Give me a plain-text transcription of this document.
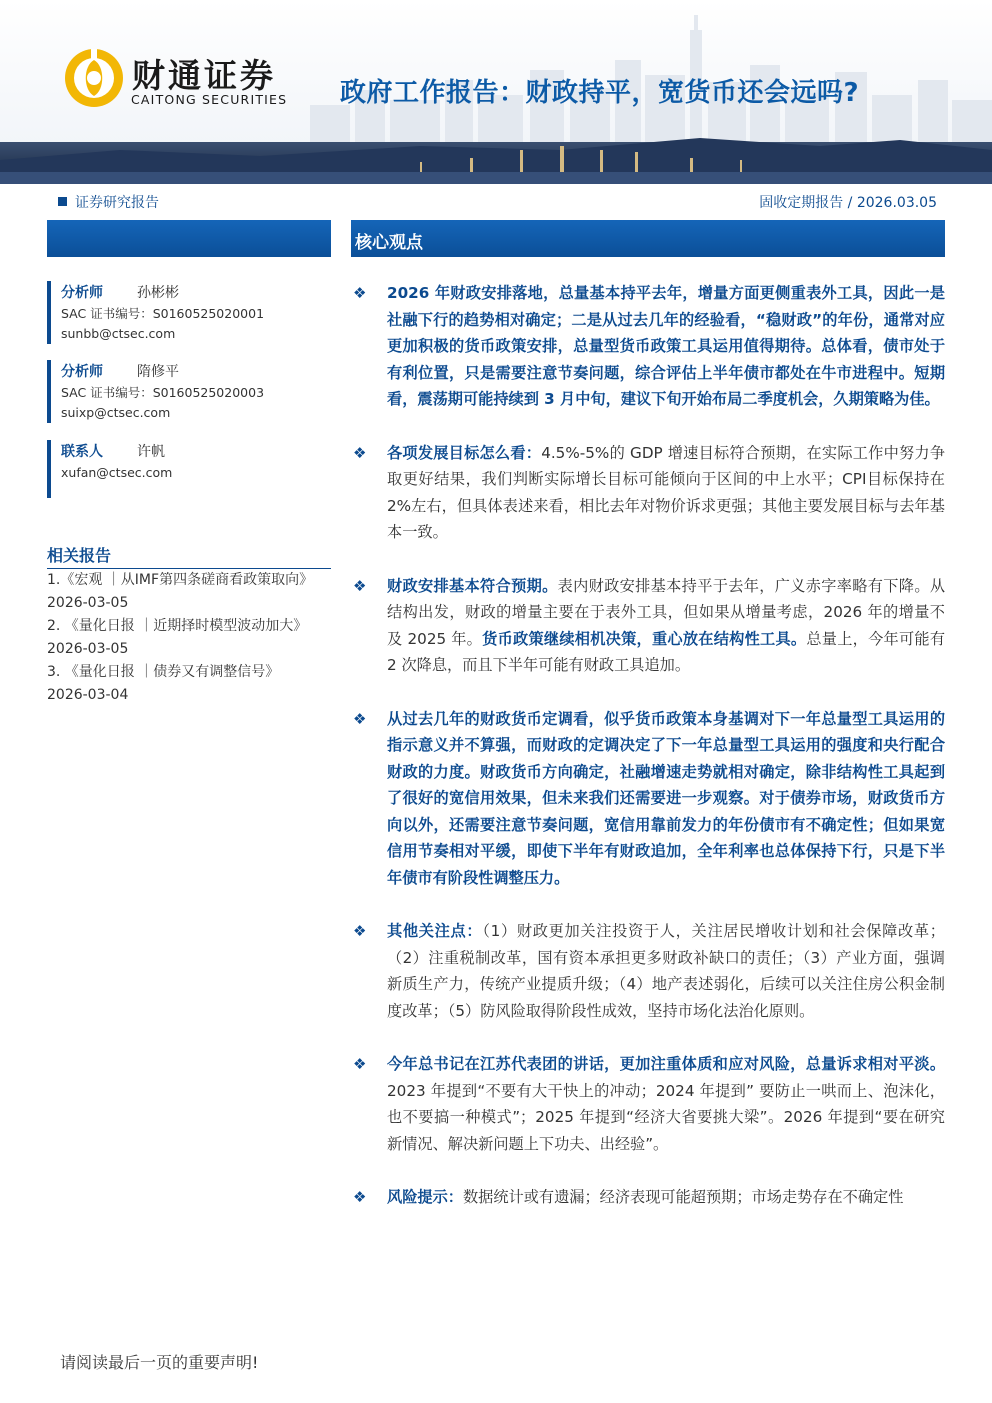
财通证券
CAITONG SECURITIES 政府工作报告：财政持平，宽货币还会远吗?
证券研究报告	固收定期报告 / 2026.03.05
核心观点
分析师 孙彬彬
SAC 证书编号：S0160525020001
sunbb@ctsec.com
分析师 隋修平
SAC 证书编号：S0160525020003
suixp@ctsec.com
联系人 许帆
xufan@ctsec.com
相关报告
1.《宏观 ｜从IMF第四条磋商看政策取向》
2026-03-05
2. 《量化日报 ｜近期择时模型波动加大》
2026-03-05
3. 《量化日报 ｜债券又有调整信号》
2026-03-04
❖ 2026 年财政安排落地，总量基本持平去年，增量方面更侧重表外工具，因此一是社融下行的趋势相对确定；二是从过去几年的经验看，“稳财政”的年份，通常对应更加积极的货币政策安排，总量型货币政策工具运用值得期待。总体看，债市处于有利位置，只是需要注意节奏问题，综合评估上半年债市都处在牛市进程中。短期看，震荡期可能持续到 3 月中旬，建议下旬开始布局二季度机会，久期策略为佳。
❖ 各项发展目标怎么看：4.5%-5%的 GDP 增速目标符合预期，在实际工作中努力争取更好结果，我们判断实际增长目标可能倾向于区间的中上水平；CPI目标保持在 2%左右，但具体表述来看，相比去年对物价诉求更强；其他主要发展目标与去年基本一致。
❖ 财政安排基本符合预期。表内财政安排基本持平于去年，广义赤字率略有下降。从结构出发，财政的增量主要在于表外工具，但如果从增量考虑，2026 年的增量不及 2025 年。货币政策继续相机决策，重心放在结构性工具。总量上，今年可能有 2 次降息，而且下半年可能有财政工具追加。
❖ 从过去几年的财政货币定调看，似乎货币政策本身基调对下一年总量型工具运用的指示意义并不算强，而财政的定调决定了下一年总量型工具运用的强度和央行配合财政的力度。财政货币方向确定，社融增速走势就相对确定，除非结构性工具起到了很好的宽信用效果，但未来我们还需要进一步观察。对于债券市场，财政货币方向以外，还需要注意节奏问题，宽信用靠前发力的年份债市有不确定性；但如果宽信用节奏相对平缓，即使下半年有财政追加，全年利率也总体保持下行，只是下半年债市有阶段性调整压力。
❖ 其他关注点：（1）财政更加关注投资于人，关注居民增收计划和社会保障改革；（2）注重税制改革，国有资本承担更多财政补缺口的责任；（3）产业方面，强调新质生产力，传统产业提质升级；（4）地产表述弱化，后续可以关注住房公积金制度改革；（5）防风险取得阶段性成效，坚持市场化法治化原则。
❖ 今年总书记在江苏代表团的讲话，更加注重体质和应对风险，总量诉求相对平淡。2023 年提到“不要有大干快上的冲动；2024 年提到” 要防止一哄而上、泡沫化，也不要搞一种模式”；2025 年提到“经济大省要挑大梁”。2026 年提到“要在研究新情况、解决新问题上下功夫、出经验”。
❖ 风险提示：数据统计或有遗漏；经济表现可能超预期；市场走势存在不确定性
请阅读最后一页的重要声明!
